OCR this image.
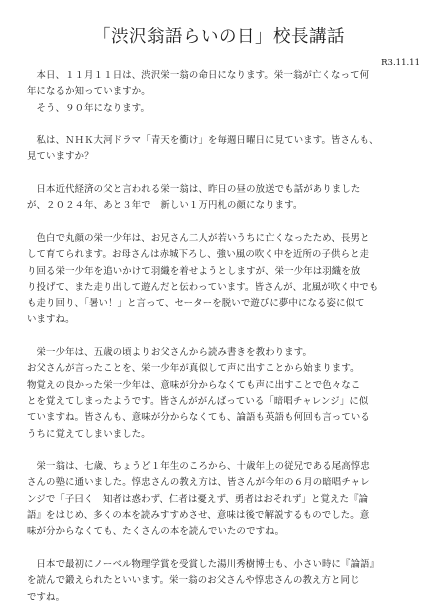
「渋沢翁語らいの日」校長講話
R3.11.11
　本日、１１月１１日は、渋沢栄一翁の命日になります。栄一翁が亡くなって何
年になるか知っていますか。
　そう、９０年になります。
　私は、ＮＨＫ大河ドラマ「青天を衝け」を毎週日曜日に見ています。皆さんも、
見ていますか？
　日本近代経済の父と言われる栄一翁は、昨日の昼の放送でも話がありました
が、２０２４年、あと３年で　新しい１万円札の顔になります。
　色白で丸顔の栄一少年は、お兄さん二人が若いうちに亡くなったため、長男と
して育てられます。お母さんは赤城下ろし、強い風の吹く中を近所の子供らと走
り回る栄一少年を追いかけて羽織を着せようとしますが、栄一少年は羽織を放
り投げて、また走り出して遊んだと伝わっています。皆さんが、北風が吹く中でも
も走り回り、「暑い！」と言って、セーターを脱いで遊びに夢中になる姿に似て
いますね。
　栄一少年は、五歳の頃よりお父さんから読み書きを教わります。
お父さんが言ったことを、栄一少年が真似して声に出すことから始まります。
物覚えの良かった栄一少年は、意味が分からなくても声に出すことで色々なこ
とを覚えてしまったようです。皆さんががんばっている「暗唱チャレンジ」に似
ていますね。皆さんも、意味が分からなくても、論語も英語も何回も言っている
うちに覚えてしまいました。
　栄一翁は、七歳、ちょうど１年生のころから、十歳年上の従兄である尾高惇忠
さんの塾に通いました。惇忠さんの教え方は、皆さんが今年の６月の暗唱チャレ
ンジで「子曰く　知者は惑わず、仁者は憂えず、勇者はおそれず」と覚えた『論
語』をはじめ、多くの本を読みすすめさせ、意味は後で解説するものでした。意
味が分からなくても、たくさんの本を読んでいたのですね。
　日本で最初にノーベル物理学賞を受賞した湯川秀樹博士も、小さい時に『論語』
を読んで鍛えられたといいます。栄一翁のお父さんや惇忠さんの教え方と同じ
ですね。
